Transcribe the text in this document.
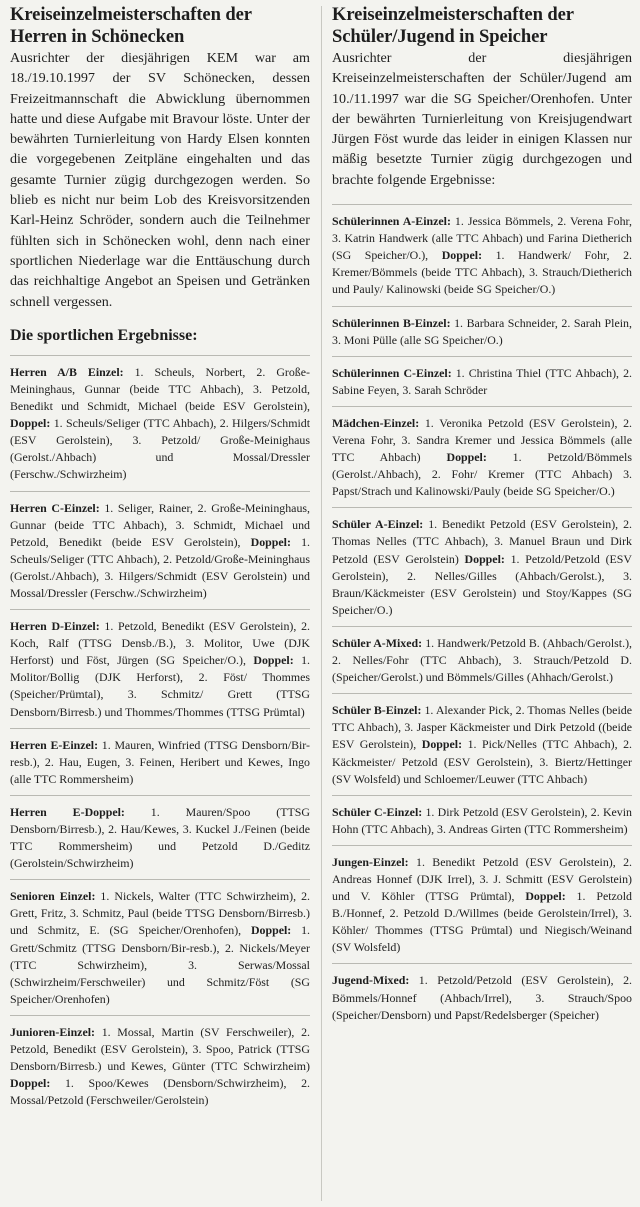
Kreiseinzelmeisterschaften der Herren in Schönecken

Ausrichter der diesjährigen KEM war am 18./19.10.1997 der SV Schönecken, dessen Freizeitmannschaft die Abwicklung übernommen hatte und diese Aufgabe mit Bravour löste. Unter der bewährten Turnierleitung von Hardy Elsen konnten die vorgegebenen Zeitpläne eingehalten und das gesamte Turnier zügig durchgezogen werden. So blieb es nicht nur beim Lob des Kreisvorsitzenden Karl-Heinz Schröder, sondern auch die Teilnehmer fühlten sich in Schönecken wohl, denn nach einer sportlichen Niederlage war die Enttäuschung durch das reichhaltige Angebot an Speisen und Getränken schnell vergessen.

Die sportlichen Ergebnisse:

Herren A/B Einzel: 1. Scheuls, Norbert, 2. Große-Meininghaus, Gunnar (beide TTC Ahbach), 3. Petzold, Benedikt und Schmidt, Michael (beide ESV Gerolstein), Doppel: 1. Scheuls/Seliger (TTC Ahbach), 2. Hilgers/Schmidt (ESV Gerolstein), 3. Petzold/ Große-Meinighaus (Gerolst./Ahbach) und Mossal/Dressler (Ferschw./Schwirzheim)

Herren C-Einzel: 1. Seliger, Rainer, 2. Große-Meininghaus, Gunnar (beide TTC Ahbach), 3. Schmidt, Michael und Petzold, Benedikt (beide ESV Gerolstein), Doppel: 1. Scheuls/Seliger (TTC Ahbach), 2. Petzold/Große-Meininghaus (Gerolst./Ahbach), 3. Hilgers/Schmidt (ESV Gerolstein) und Mossal/Dressler (Ferschw./Schwirzheim)

Herren D-Einzel: 1. Petzold, Benedikt (ESV Gerolstein), 2. Koch, Ralf (TTSG Densb./B.), 3. Molitor, Uwe (DJK Herforst) und Föst, Jürgen (SG Speicher/O.), Doppel: 1. Molitor/Bollig (DJK Herforst), 2. Föst/ Thommes (Speicher/Prümtal), 3. Schmitz/ Grett (TTSG Densborn/Birresb.) und Thommes/Thommes (TTSG Prümtal)

Herren E-Einzel: 1. Mauren, Winfried (TTSG Densborn/Bir-resb.), 2. Hau, Eugen, 3. Feinen, Heribert und Kewes, Ingo (alle TTC Rommersheim)

Herren E-Doppel: 1. Mauren/Spoo (TTSG Densborn/Birresb.), 2. Hau/Kewes, 3. Kuckel J./Feinen (beide TTC Rommersheim) und Petzold D./Geditz (Gerolstein/Schwirzheim)

Senioren Einzel: 1. Nickels, Walter (TTC Schwirzheim), 2. Grett, Fritz, 3. Schmitz, Paul (beide TTSG Densborn/Birresb.) und Schmitz, E. (SG Speicher/Orenhofen), Doppel: 1. Grett/Schmitz (TTSG Densborn/Bir-resb.), 2. Nickels/Meyer (TTC Schwirzheim), 3. Serwas/Mossal (Schwirzheim/Ferschweiler) und Schmitz/Föst (SG Speicher/Orenhofen)

Junioren-Einzel: 1. Mossal, Martin (SV Ferschweiler), 2. Petzold, Benedikt (ESV Gerolstein), 3. Spoo, Patrick (TTSG Densborn/Birresb.) und Kewes, Günter (TTC Schwirzheim) Doppel: 1. Spoo/Kewes (Densborn/Schwirzheim), 2. Mossal/Petzold (Ferschweiler/Gerolstein)

Kreiseinzelmeisterschaften der Schüler/Jugend in Speicher

Ausrichter der diesjährigen Kreiseinzelmeisterschaften der Schüler/Jugend am 10./11.1997 war die SG Speicher/Orenhofen. Unter der bewährten Turnierleitung von Kreisjugendwart Jürgen Föst wurde das leider in einigen Klassen nur mäßig besetzte Turnier zügig durchgezogen und brachte folgende Ergebnisse:

Schülerinnen A-Einzel: 1. Jessica Bömmels, 2. Verena Fohr, 3. Katrin Handwerk (alle TTC Ahbach) und Farina Dietherich (SG Speicher/O.), Doppel: 1. Handwerk/ Fohr, 2. Kremer/Bömmels (beide TTC Ahbach), 3. Strauch/Dietherich und Pauly/ Kalinowski (beide SG Speicher/O.)

Schülerinnen B-Einzel: 1. Barbara Schneider, 2. Sarah Plein, 3. Moni Püllе (alle SG Speicher/O.)

Schülerinnen C-Einzel: 1. Christina Thiel (TTC Ahbach), 2. Sabine Feyen, 3. Sarah Schröder

Mädchen-Einzel: 1. Veronika Petzold (ESV Gerolstein), 2. Verena Fohr, 3. Sandra Kremer und Jessica Bömmels (alle TTC Ahbach) Doppel: 1. Petzold/Bömmels (Gerolst./Ahbach), 2. Fohr/ Kremer (TTC Ahbach) 3. Papst/Strach und Kalinowski/Pauly (beide SG Speicher/O.)

Schüler A-Einzel: 1. Benedikt Petzold (ESV Gerolstein), 2. Thomas Nelles (TTC Ahbach), 3. Manuel Braun und Dirk Petzold (ESV Gerolstein) Doppel: 1. Petzold/Petzold (ESV Gerolstein), 2. Nelles/Gilles (Ahbach/Gerolst.), 3. Braun/Käckmeister (ESV Gerolstein) und Stoy/Kappes (SG Speicher/O.)

Schüler A-Mixed: 1. Handwerk/Petzold B. (Ahbach/Gerolst.), 2. Nelles/Fohr (TTC Ahbach), 3. Strauch/Petzold D. (Speicher/Gerolst.) und Bömmels/Gilles (Ahhach/Gerolst.)

Schüler B-Einzel: 1. Alexander Pick, 2. Thomas Nelles (beide TTC Ahbach), 3. Jasper Käckmeister und Dirk Petzold ((beide ESV Gerolstein), Doppel: 1. Pick/Nelles (TTC Ahbach), 2. Käckmeister/ Petzold (ESV Gerolstein), 3. Biertz/Hettinger (SV Wolsfeld) und Schloemer/Leuwer (TTC Ahbach)

Schüler C-Einzel: 1. Dirk Petzold (ESV Gerolstein), 2. Kevin Hohn (TTC Ahbach), 3. Andreas Girten (TTC Rommersheim)

Jungen-Einzel: 1. Benedikt Petzold (ESV Gerolstein), 2. Andreas Honnef (DJK Irrel), 3. J. Schmitt (ESV Gerolstein) und V. Köhler (TTSG Prümtal), Doppel: 1. Petzold B./Honnef, 2. Petzold D./Willmes (beide Gerolstein/Irrel), 3. Köhler/ Thommes (TTSG Prümtal) und Niegisch/Weinand (SV Wolsfeld)

Jugend-Mixed: 1. Petzold/Petzold (ESV Gerolstein), 2. Bömmels/Honnef (Ahbach/Irrel), 3. Strauch/Spoo (Speicher/Densborn) und Papst/Redelsberger (Speicher)
